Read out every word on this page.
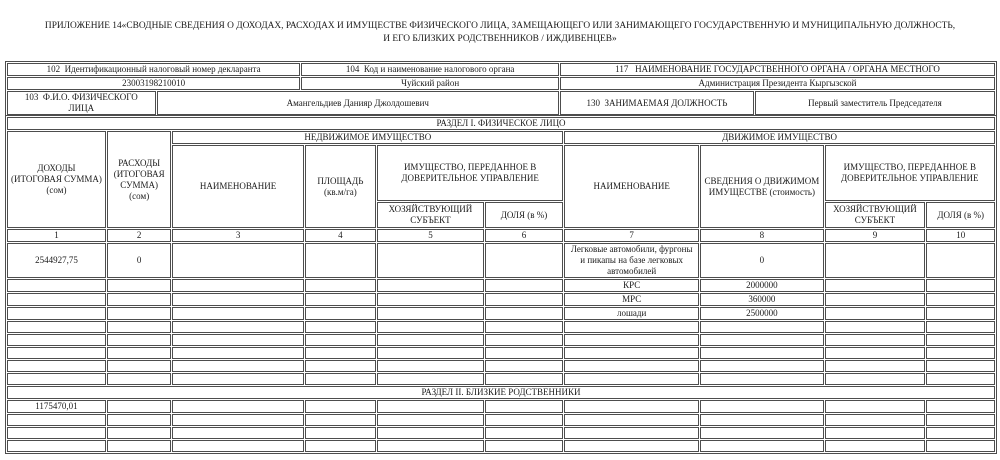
ПРИЛОЖЕНИЕ 14«СВОДНЫЕ СВЕДЕНИЯ О ДОХОДАХ, РАСХОДАХ И ИМУЩЕСТВЕ ФИЗИЧЕСКОГО ЛИЦА, ЗАМЕЩАЮЩЕГО ИЛИ ЗАНИМАЮЩЕГО ГОСУДАРСТВЕННУЮ И МУНИЦИПАЛЬНУЮ ДОЛЖНОСТЬ,
И ЕГО БЛИЗКИХ РОДСТВЕННИКОВ / ИЖДИВЕНЦЕВ»
102  Идентификационный налоговый номер декларанта		104  Код и наименование налогового органа	117   НАИМЕНОВАНИЕ ГОСУДАРСТВЕННОГО ОРГАНА / ОРГАНА МЕСТНОГО	
23003198210010		Чуйский район	Администрация Президента Кыргызской	
103  Ф.И.О. ФИЗИЧЕСКОГО ЛИЦА	Амангельдиев Данияр Джолдошевич		130  ЗАНИМАЕМАЯ ДОЛЖНОСТЬ	Первый заместитель Председателя
РАЗДЕЛ I. ФИЗИЧЕСКОЕ ЛИЦО									
ДОХОДЫ (ИТОГОВАЯ СУММА) (сом)	РАСХОДЫ (ИТОГОВАЯ СУММА) (сом)	НЕДВИЖИМОЕ ИМУЩЕСТВО				ДВИЖИМОЕ ИМУЩЕСТВО			
		НАИМЕНОВАНИЕ	ПЛОЩАДЬ (кв.м/га)	ИМУЩЕСТВО, ПЕРЕДАННОЕ В ДОВЕРИТЕЛЬНОЕ УПРАВЛЕНИЕ		НАИМЕНОВАНИЕ	СВЕДЕНИЯ О ДВИЖИМОМ ИМУЩЕСТВЕ (стоимость)	ИМУЩЕСТВО, ПЕРЕДАННОЕ В ДОВЕРИТЕЛЬНОЕ УПРАВЛЕНИЕ	
				ХОЗЯЙСТВУЮЩИЙ СУБЪЕКТ	ДОЛЯ (в %)			ХОЗЯЙСТВУЮЩИЙ СУБЪЕКТ	ДОЛЯ (в %)
1	2	3	4	5	6	7	8	9	10
2544927,75	0					Легковые автомобили, фургоны и пикапы на базе легковых автомобилей	0		
						КРС	2000000		
						МРС	360000		
						лошади	2500000		

РАЗДЕЛ II. БЛИЗКИЕ РОДСТВЕННИКИ									
1175470,01									
